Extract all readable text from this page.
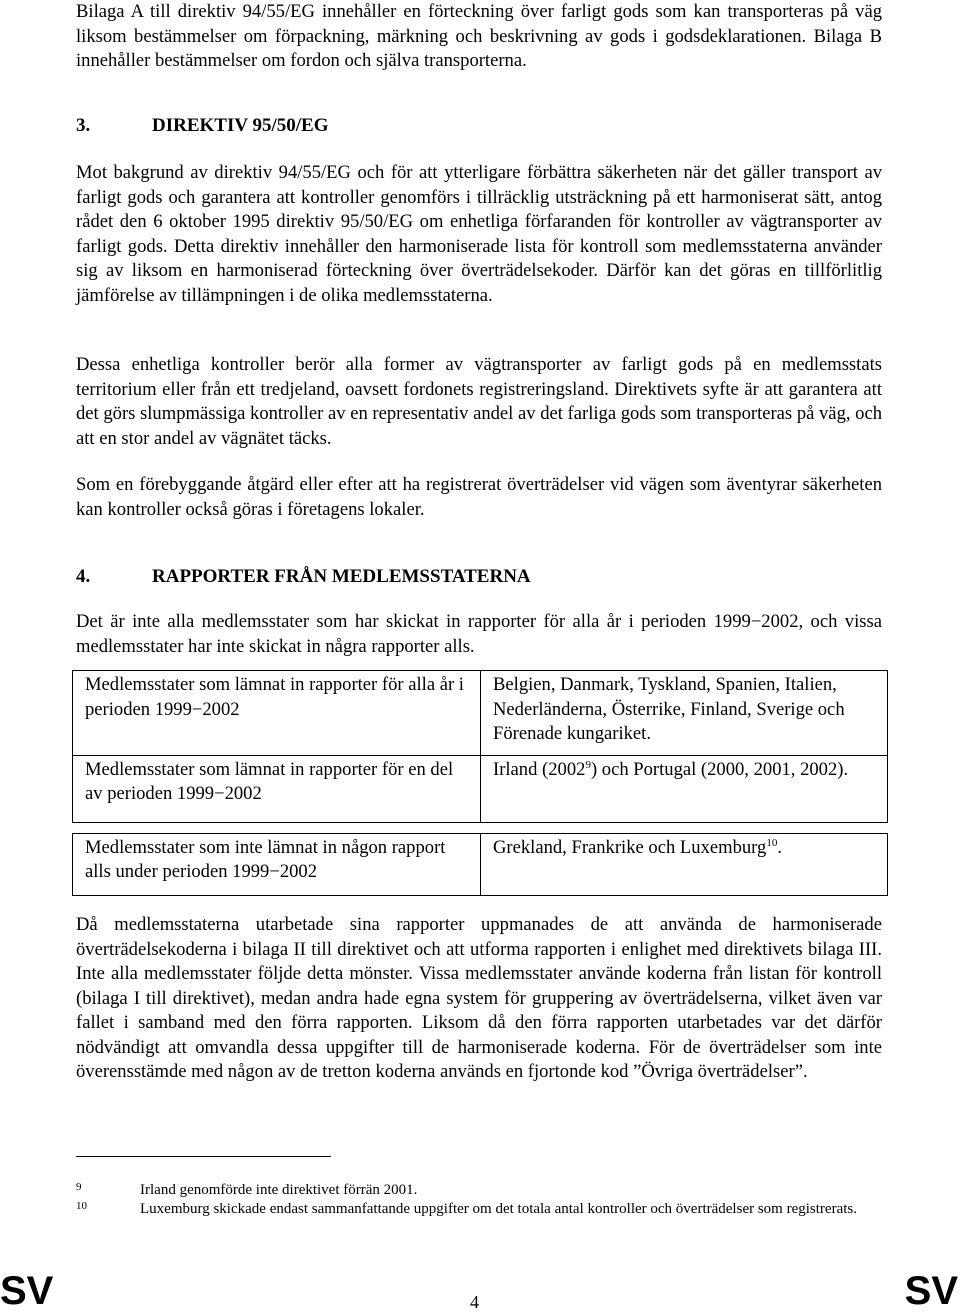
Bilaga A till direktiv 94/55/EG innehåller en förteckning över farligt gods som kan transporteras på väg liksom bestämmelser om förpackning, märkning och beskrivning av gods i godsdeklarationen. Bilaga B innehåller bestämmelser om fordon och själva transporterna.

3.	DIREKTIV 95/50/EG

Mot bakgrund av direktiv 94/55/EG och för att ytterligare förbättra säkerheten när det gäller transport av farligt gods och garantera att kontroller genomförs i tillräcklig utsträckning på ett harmoniserat sätt, antog rådet den 6 oktober 1995 direktiv 95/50/EG om enhetliga förfaranden för kontroller av vägtransporter av farligt gods. Detta direktiv innehåller den harmoniserade lista för kontroll som medlemsstaterna använder sig av liksom en harmoniserad förteckning över överträdelsekoder. Därför kan det göras en tillförlitlig jämförelse av tillämpningen i de olika medlemsstaterna.

Dessa enhetliga kontroller berör alla former av vägtransporter av farligt gods på en medlemsstats territorium eller från ett tredjeland, oavsett fordonets registreringsland. Direktivets syfte är att garantera att det görs slumpmässiga kontroller av en representativ andel av det farliga gods som transporteras på väg, och att en stor andel av vägnätet täcks.

Som en förebyggande åtgärd eller efter att ha registrerat överträdelser vid vägen som äventyrar säkerheten kan kontroller också göras i företagens lokaler.

4.	RAPPORTER FRÅN MEDLEMSSTATERNA

Det är inte alla medlemsstater som har skickat in rapporter för alla år i perioden 1999−2002, och vissa medlemsstater har inte skickat in några rapporter alls.

Medlemsstater som lämnat in rapporter för alla år i perioden 1999−2002	Belgien, Danmark, Tyskland, Spanien, Italien, Nederländerna, Österrike, Finland, Sverige och Förenade kungariket.
Medlemsstater som lämnat in rapporter för en del av perioden 1999−2002	Irland (2002$^9$) och Portugal (2000, 2001, 2002).

Medlemsstater som inte lämnat in någon rapport alls under perioden 1999−2002	Grekland, Frankrike och Luxemburg$^{10}$.

Då medlemsstaterna utarbetade sina rapporter uppmanades de att använda de harmoniserade överträdelsekoderna i bilaga II till direktivet och att utforma rapporten i enlighet med direktivets bilaga III. Inte alla medlemsstater följde detta mönster. Vissa medlemsstater använde koderna från listan för kontroll (bilaga I till direktivet), medan andra hade egna system för gruppering av överträdelserna, vilket även var fallet i samband med den förra rapporten. Liksom då den förra rapporten utarbetades var det därför nödvändigt att omvandla dessa uppgifter till de harmoniserade koderna. För de överträdelser som inte överensstämde med någon av de tretton koderna används en fjortonde kod ”Övriga överträdelser”.

9	Irland genomförde inte direktivet förrän 2001.
10	Luxemburg skickade endast sammanfattande uppgifter om det totala antal kontroller och överträdelser som registrerats.
SV	4	SV
